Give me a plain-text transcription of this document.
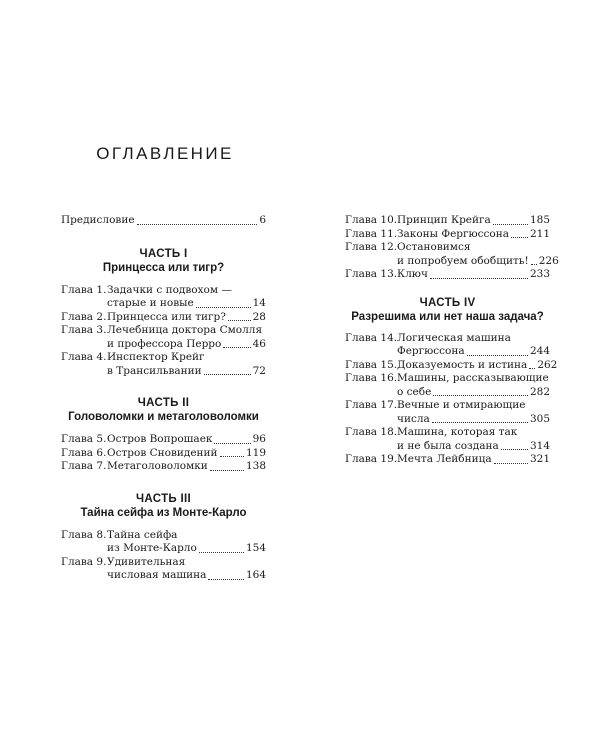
ОГЛАВЛЕНИЕ
Предисловие	6
ЧАСТЬ I
Принцесса или тигр?
Глава 1.Задачки с подвохом —
старые и новые	14
Глава 2.Принцесса или тигр?	28
Глава 3.Лечебница доктора Смолля
и профессора Перро	46
Глава 4.Инспектор Крейг
в Трансильвании	72
ЧАСТЬ II
Головоломки и метаголоволомки
Глава 5.Остров Вопрошаек	96
Глава 6.Остров Сновидений	119
Глава 7.Метаголоволомки	138
ЧАСТЬ III
Тайна сейфа из Монте-Карло
Глава 8.Тайна сейфа
из Монте-Карло	154
Глава 9.Удивительная
числовая машина	164
Глава 10.Принцип Крейга	185
Глава 11.Законы Фергюссона 211
Глава 12.Остановимся
и попробуем обобщить! 226
Глава 13.Ключ	233
ЧАСТЬ IV
Разрешима или нет наша задача?
Глава 14.Логическая машина
Фергюссона	244
Глава 15.Доказуемость и истина 262
Глава 16.Машины, рассказывающие
о себе	282
Глава 17.Вечные и отмирающие
числа	305
Глава 18.Машина, которая так
и не была создана	314
Глава 19.Мечта Лейбница	321
